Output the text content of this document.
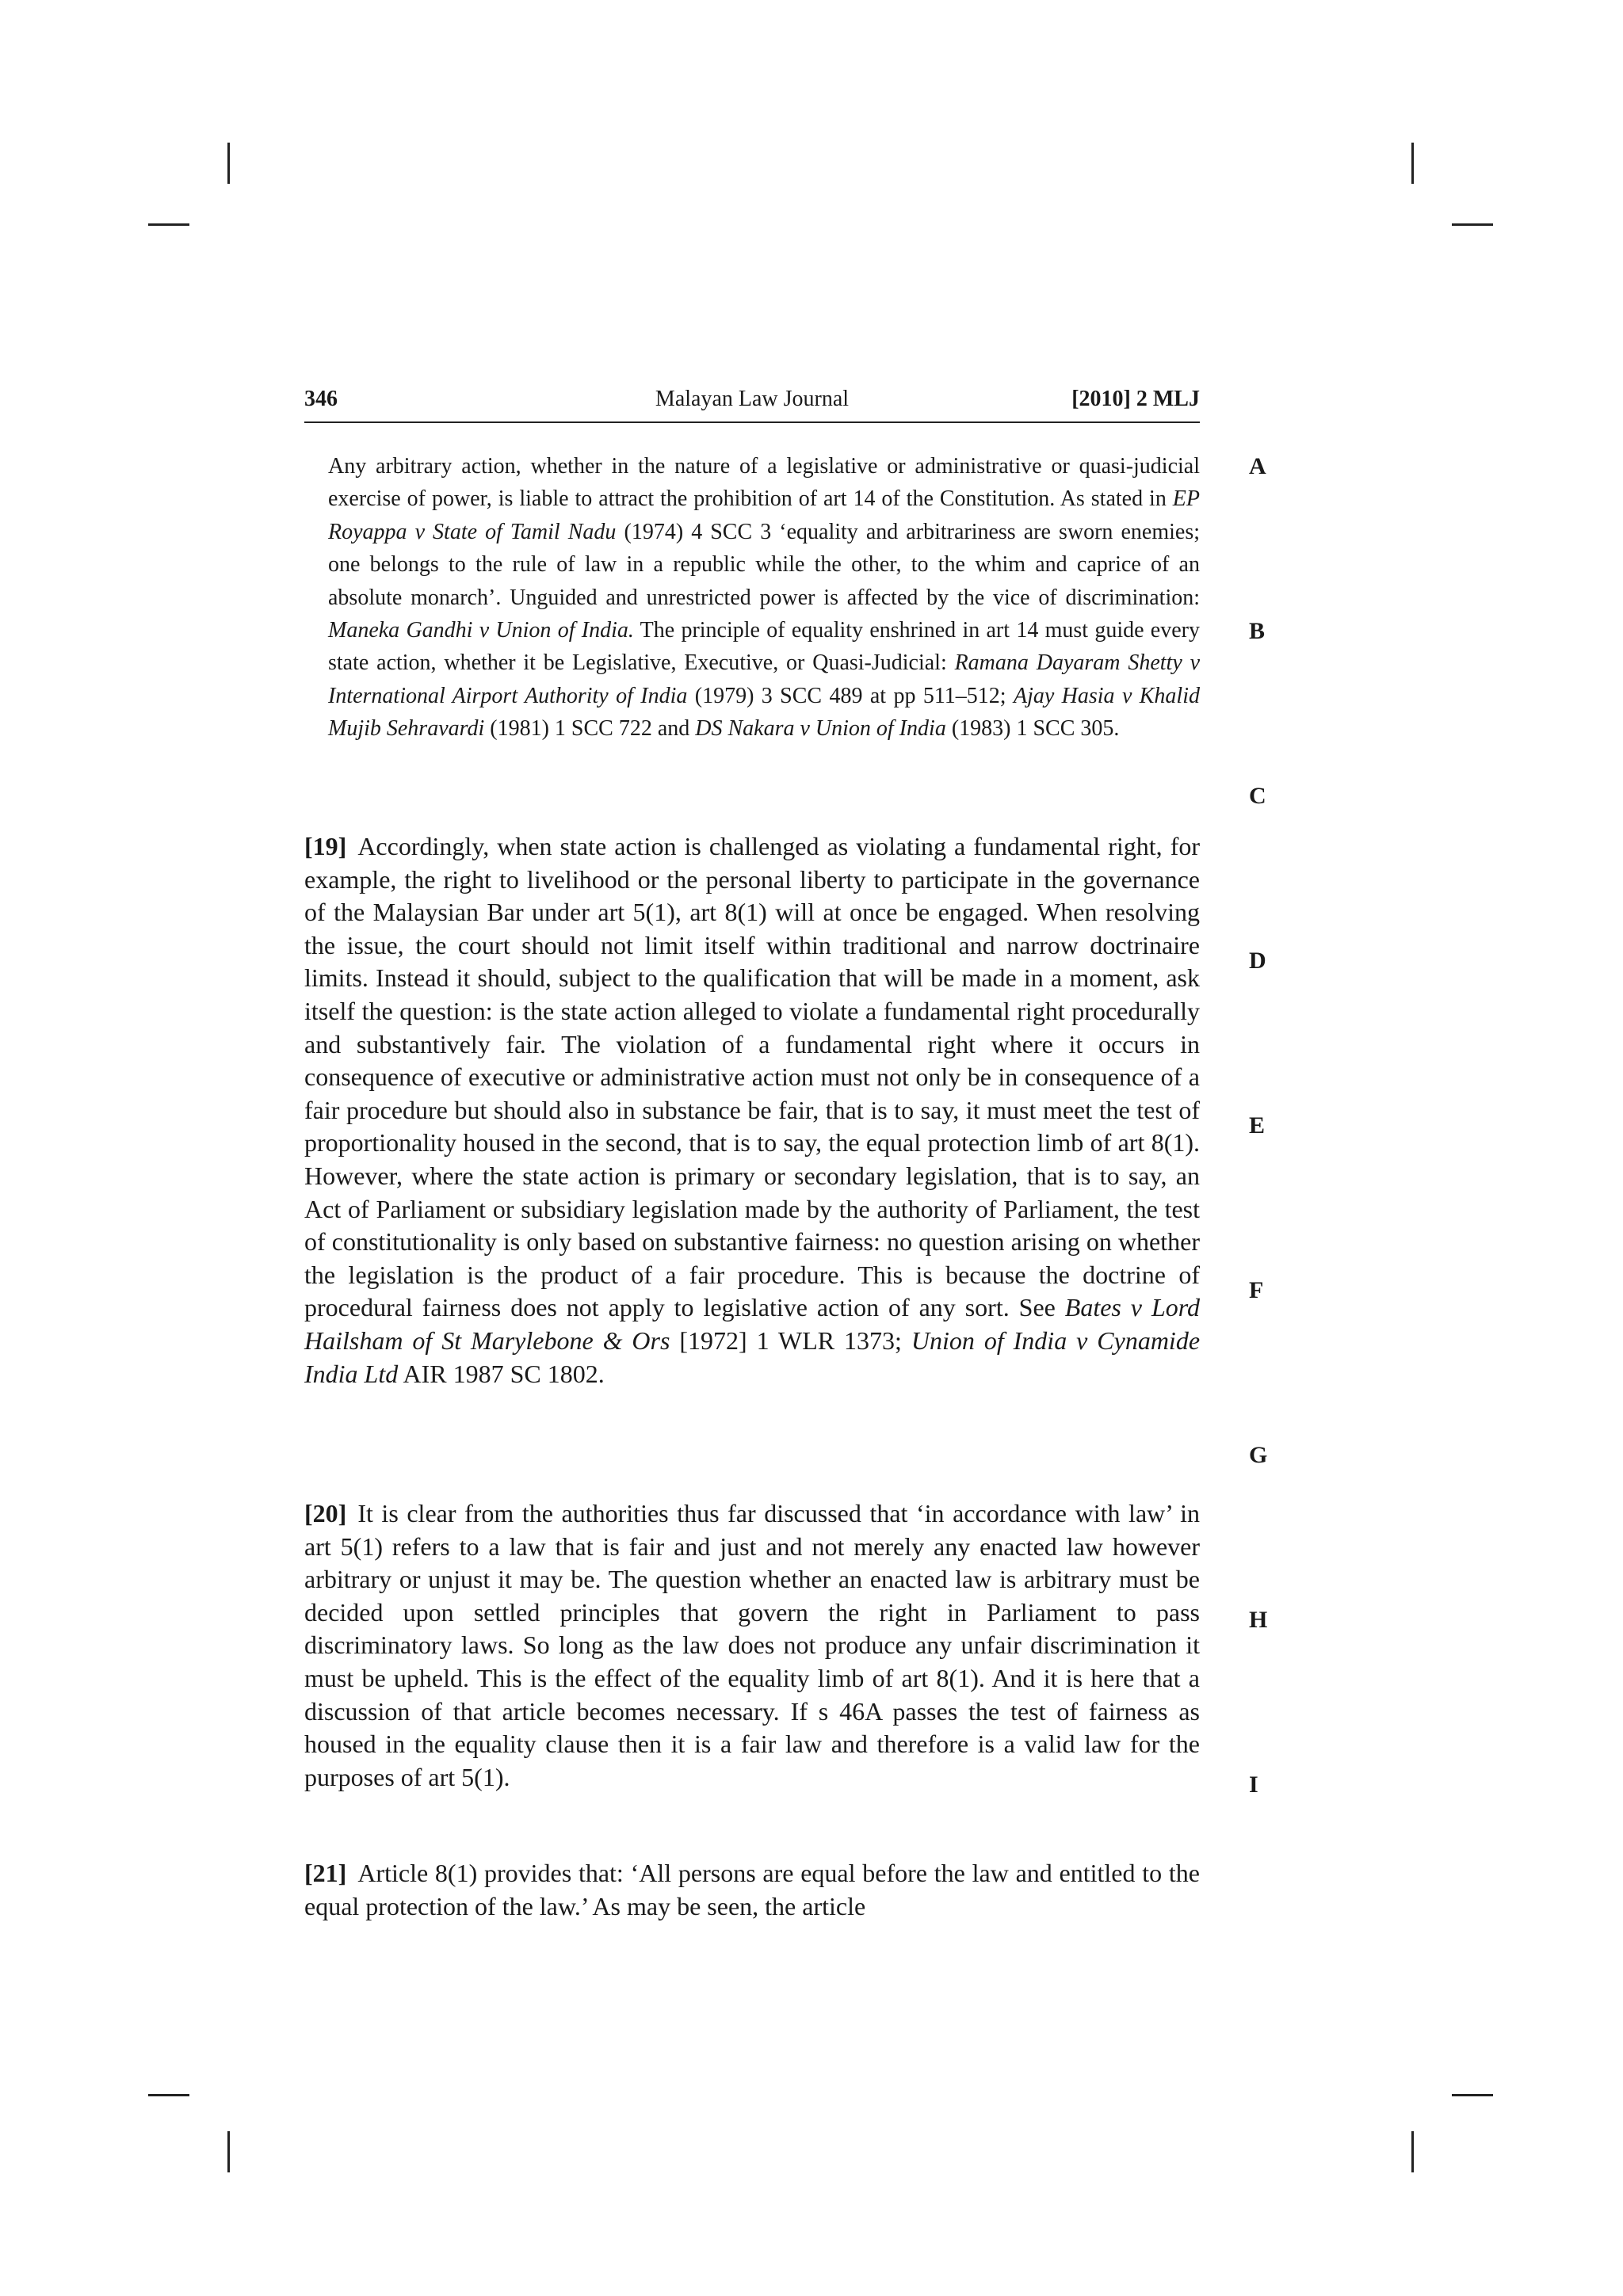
346	Malayan Law Journal	[2010] 2 MLJ
Any arbitrary action, whether in the nature of a legislative or administrative or quasi-judicial exercise of power, is liable to attract the prohibition of art 14 of the Constitution. As stated in EP Royappa v State of Tamil Nadu (1974) 4 SCC 3 ‘equality and arbitrariness are sworn enemies; one belongs to the rule of law in a republic while the other, to the whim and caprice of an absolute monarch’. Unguided and unrestricted power is affected by the vice of discrimination: Maneka Gandhi v Union of India. The principle of equality enshrined in art 14 must guide every state action, whether it be Legislative, Executive, or Quasi-Judicial: Ramana Dayaram Shetty v International Airport Authority of India (1979) 3 SCC 489 at pp 511–512; Ajay Hasia v Khalid Mujib Sehravardi (1981) 1 SCC 722 and DS Nakara v Union of India (1983) 1 SCC 305.
[19] Accordingly, when state action is challenged as violating a fundamental right, for example, the right to livelihood or the personal liberty to participate in the governance of the Malaysian Bar under art 5(1), art 8(1) will at once be engaged. When resolving the issue, the court should not limit itself within traditional and narrow doctrinaire limits. Instead it should, subject to the qualification that will be made in a moment, ask itself the question: is the state action alleged to violate a fundamental right procedurally and substantively fair. The violation of a fundamental right where it occurs in consequence of executive or administrative action must not only be in consequence of a fair procedure but should also in substance be fair, that is to say, it must meet the test of proportionality housed in the second, that is to say, the equal protection limb of art 8(1). However, where the state action is primary or secondary legislation, that is to say, an Act of Parliament or subsidiary legislation made by the authority of Parliament, the test of constitutionality is only based on substantive fairness: no question arising on whether the legislation is the product of a fair procedure. This is because the doctrine of procedural fairness does not apply to legislative action of any sort. See Bates v Lord Hailsham of St Marylebone & Ors [1972] 1 WLR 1373; Union of India v Cynamide India Ltd AIR 1987 SC 1802.
[20] It is clear from the authorities thus far discussed that ‘in accordance with law’ in art 5(1) refers to a law that is fair and just and not merely any enacted law however arbitrary or unjust it may be. The question whether an enacted law is arbitrary must be decided upon settled principles that govern the right in Parliament to pass discriminatory laws. So long as the law does not produce any unfair discrimination it must be upheld. This is the effect of the equality limb of art 8(1). And it is here that a discussion of that article becomes necessary. If s 46A passes the test of fairness as housed in the equality clause then it is a fair law and therefore is a valid law for the purposes of art 5(1).
[21] Article 8(1) provides that: ‘All persons are equal before the law and entitled to the equal protection of the law.’ As may be seen, the article
A
B
C
D
E
F
G
H
I
